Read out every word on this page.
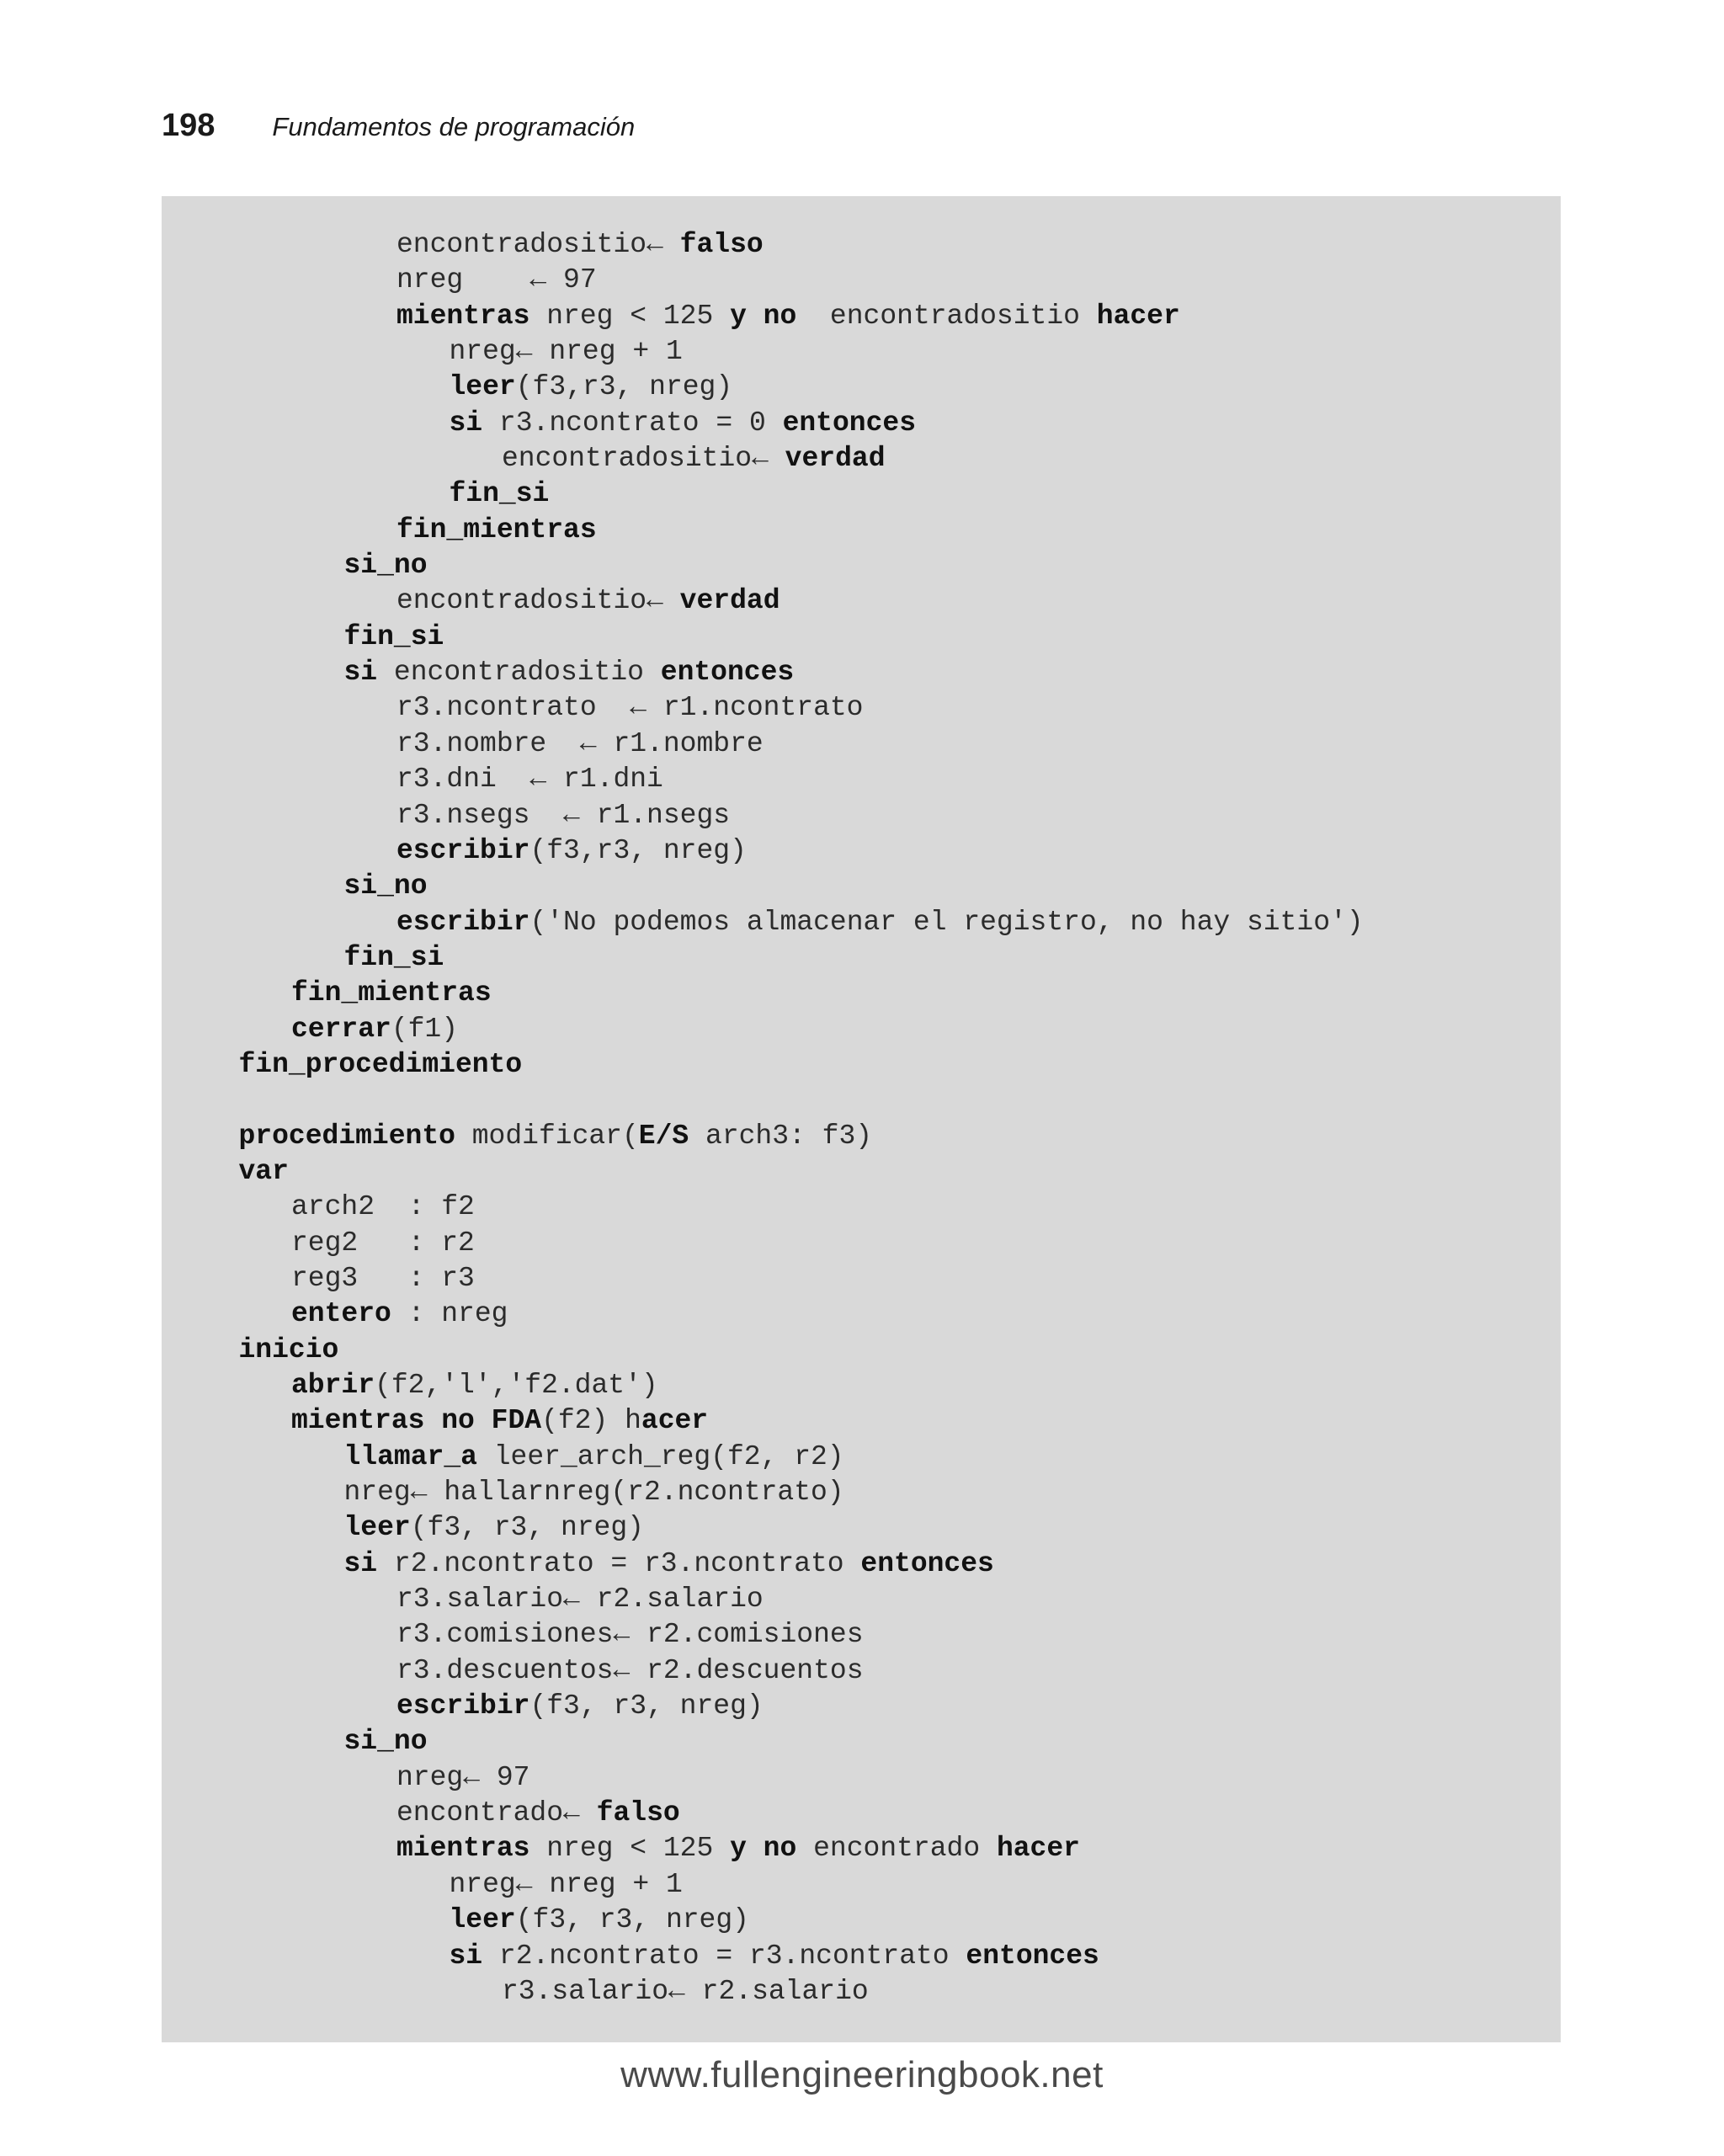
198 Fundamentos de programación
encontradositio← falso
nreg    ← 97
mientras nreg < 125 y no  encontradositio hacer
nreg← nreg + 1
leer(f3,r3, nreg)
si r3.ncontrato = 0 entonces
encontradositio← verdad
fin_si
fin_mientras
si_no
encontradositio← verdad
fin_si
si encontradositio entonces
r3.ncontrato  ← r1.ncontrato
r3.nombre  ← r1.nombre
r3.dni  ← r1.dni
r3.nsegs  ← r1.nsegs
escribir(f3,r3, nreg)
si_no
escribir('No podemos almacenar el registro, no hay sitio')
fin_si
fin_mientras
cerrar(f1)
fin_procedimiento
procedimiento modificar(E/S arch3: f3)
var
arch2  : f2
reg2   : r2
reg3   : r3
entero : nreg
inicio
abrir(f2,'l','f2.dat')
mientras no FDA(f2) hacer
llamar_a leer_arch_reg(f2, r2)
nreg← hallarnreg(r2.ncontrato)
leer(f3, r3, nreg)
si r2.ncontrato = r3.ncontrato entonces
r3.salario← r2.salario
r3.comisiones← r2.comisiones
r3.descuentos← r2.descuentos
escribir(f3, r3, nreg)
si_no
nreg← 97
encontrado← falso
mientras nreg < 125 y no encontrado hacer
nreg← nreg + 1
leer(f3, r3, nreg)
si r2.ncontrato = r3.ncontrato entonces
r3.salario← r2.salario
www.fullengineeringbook.net
